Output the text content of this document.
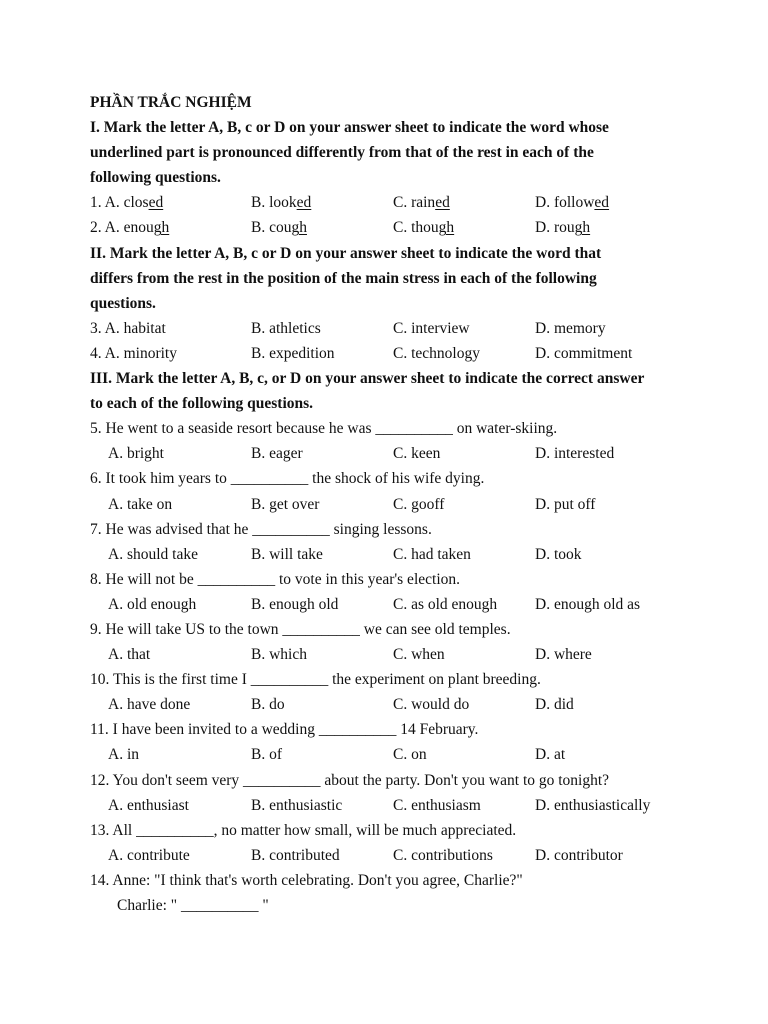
PHẦN TRẮC NGHIỆM
I. Mark the letter A, B, c or D on your answer sheet to indicate the word whose
underlined part is pronounced differently from that of the rest in each of the
following questions.
1. A. closed	B. looked	C. rained	D. followed
2. A. enough	B. cough	C. though	D. rough
II. Mark the letter A, B, c or D on your answer sheet to indicate the word that
differs from the rest in the position of the main stress in each of the following
questions.
3. A. habitat	B. athletics	C. interview	D. memory
4. A. minority	B. expedition	C. technology	D. commitment
III. Mark the letter A, B, c, or D on your answer sheet to indicate the correct answer
to each of the following questions.
5. He went to a seaside resort because he was __________ on water-skiing.
A. bright	B. eager	C. keen	D. interested
6. It took him years to __________ the shock of his wife dying.
A. take on	B. get over	C. gooff	D. put off
7. He was advised that he __________ singing lessons.
A. should take	B. will take	C. had taken	D. took
8. He will not be __________ to vote in this year's election.
A. old enough	B. enough old	C. as old enough D. enough old as
9. He will take US to the town __________ we can see old temples.
A. that	B. which	C. when	D. where
10. This is the first time I __________ the experiment on plant breeding.
A. have done	B. do	C. would do	D. did
11. I have been invited to a wedding __________ 14 February.
A. in	B. of	C. on	D. at
12. You don't seem very __________ about the party. Don't you want to go tonight?
A. enthusiast	B. enthusiastic	C. enthusiasm	D. enthusiastically
13. All __________, no matter how small, will be much appreciated.
A. contribute	B. contributed	C. contributions	D. contributor
14. Anne: "I think that's worth celebrating. Don't you agree, Charlie?"
Charlie: " __________ "
